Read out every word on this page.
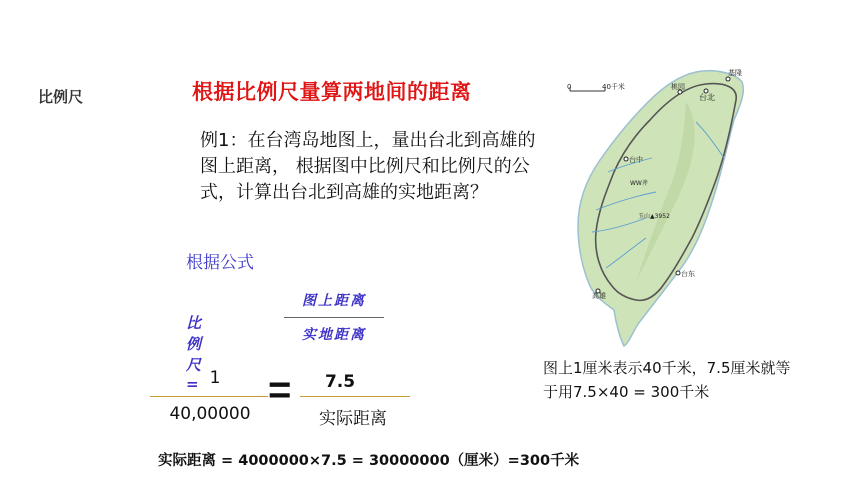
比例尺	根据比例尺量算两地间的距离
例1：在台湾岛地图上，量出台北到高雄的图上距离， 根据图中比例尺和比例尺的公式，计算出台北到高雄的实地距离？
根据公式
比例尺=
图上距离
实地距离
1
40,00000
=	7.5
实际距离
实际距离 = 4000000×7.5 = 30000000（厘米）=300千米
0	40千米
基隆
台北
桃园
台中
WW斧
玉山▲3952
台东
高雄
图上1厘米表示40千米，7.5厘米就等于用7.5×40 = 300千米
